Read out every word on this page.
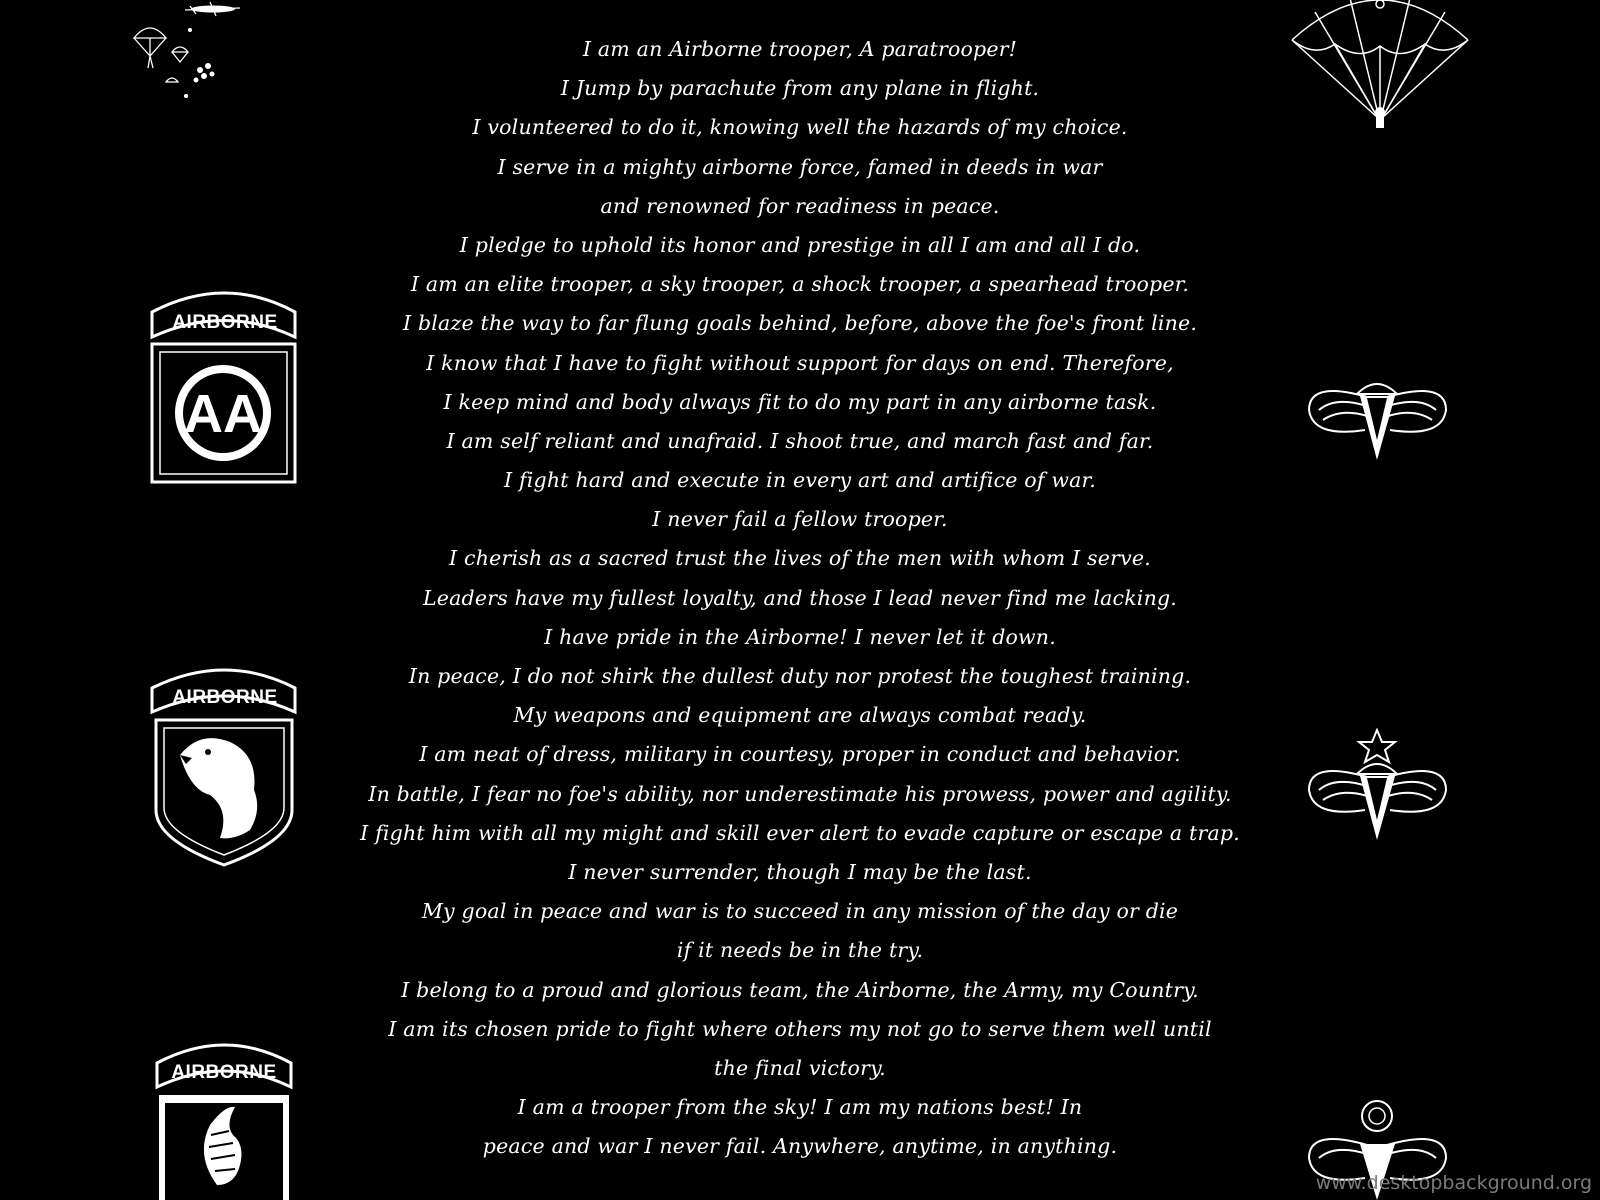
AIRBORNE
AA
AIRBORNE
AIRBORNE
I am an Airborne trooper, A paratrooper!
I Jump by parachute from any plane in flight.
I volunteered to do it, knowing well the hazards of my choice.
I serve in a mighty airborne force, famed in deeds in war
and renowned for readiness in peace.
I pledge to uphold its honor and prestige in all I am and all I do.
I am an elite trooper, a sky trooper, a shock trooper, a spearhead trooper.
I blaze the way to far flung goals behind, before, above the foe's front line.
I know that I have to fight without support for days on end. Therefore,
I keep mind and body always fit to do my part in any airborne task.
I am self reliant and unafraid. I shoot true, and march fast and far.
I fight hard and execute in every art and artifice of war.
I never fail a fellow trooper.
I cherish as a sacred trust the lives of the men with whom I serve.
Leaders have my fullest loyalty, and those I lead never find me lacking.
I have pride in the Airborne! I never let it down.
In peace, I do not shirk the dullest duty nor protest the toughest training.
My weapons and equipment are always combat ready.
I am neat of dress, military in courtesy, proper in conduct and behavior.
In battle, I fear no foe's ability, nor underestimate his prowess, power and agility.
I fight him with all my might and skill ever alert to evade capture or escape a trap.
I never surrender, though I may be the last.
My goal in peace and war is to succeed in any mission of the day or die
if it needs be in the try.
I belong to a proud and glorious team, the Airborne, the Army, my Country.
I am its chosen pride to fight where others my not go to serve them well until
the final victory.
I am a trooper from the sky! I am my nations best! In
peace and war I never fail. Anywhere, anytime, in anything.
www.desktopbackground.org
